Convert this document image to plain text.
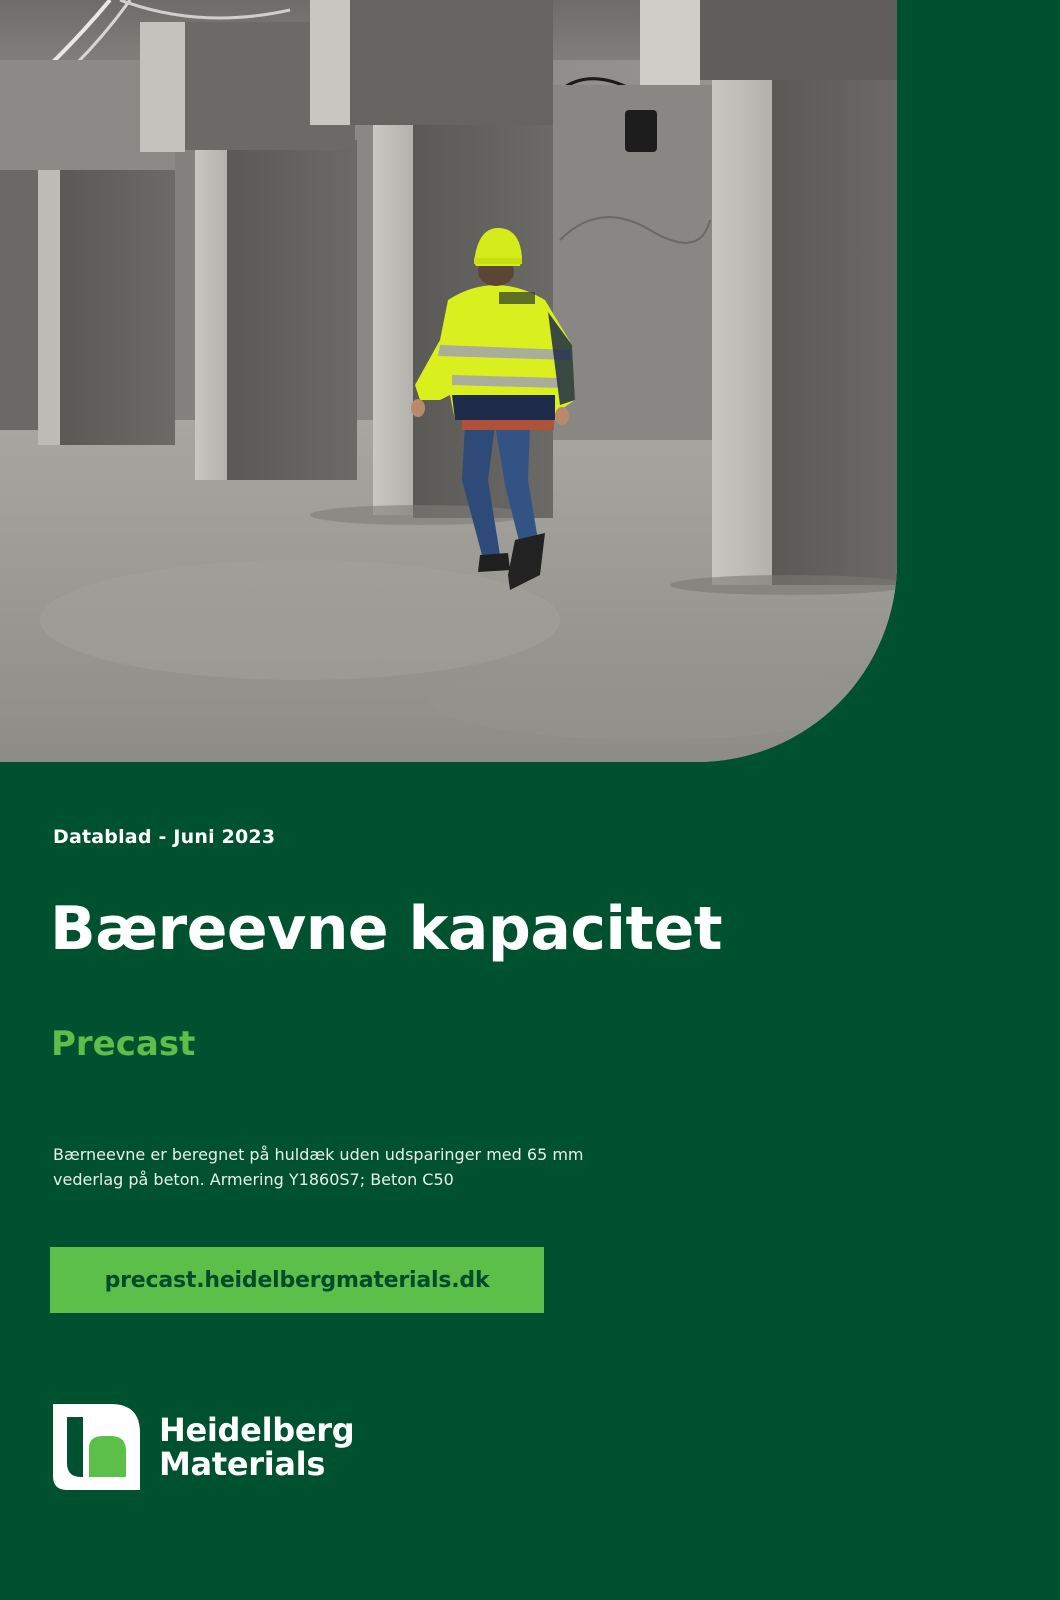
Datablad - Juni 2023
Bæreevne kapacitet
Precast
Bærneevne er beregnet på huldæk uden udsparinger med 65 mm
vederlag på beton. Armering Y1860S7; Beton C50
precast.heidelbergmaterials.dk
Heidelberg
Materials
